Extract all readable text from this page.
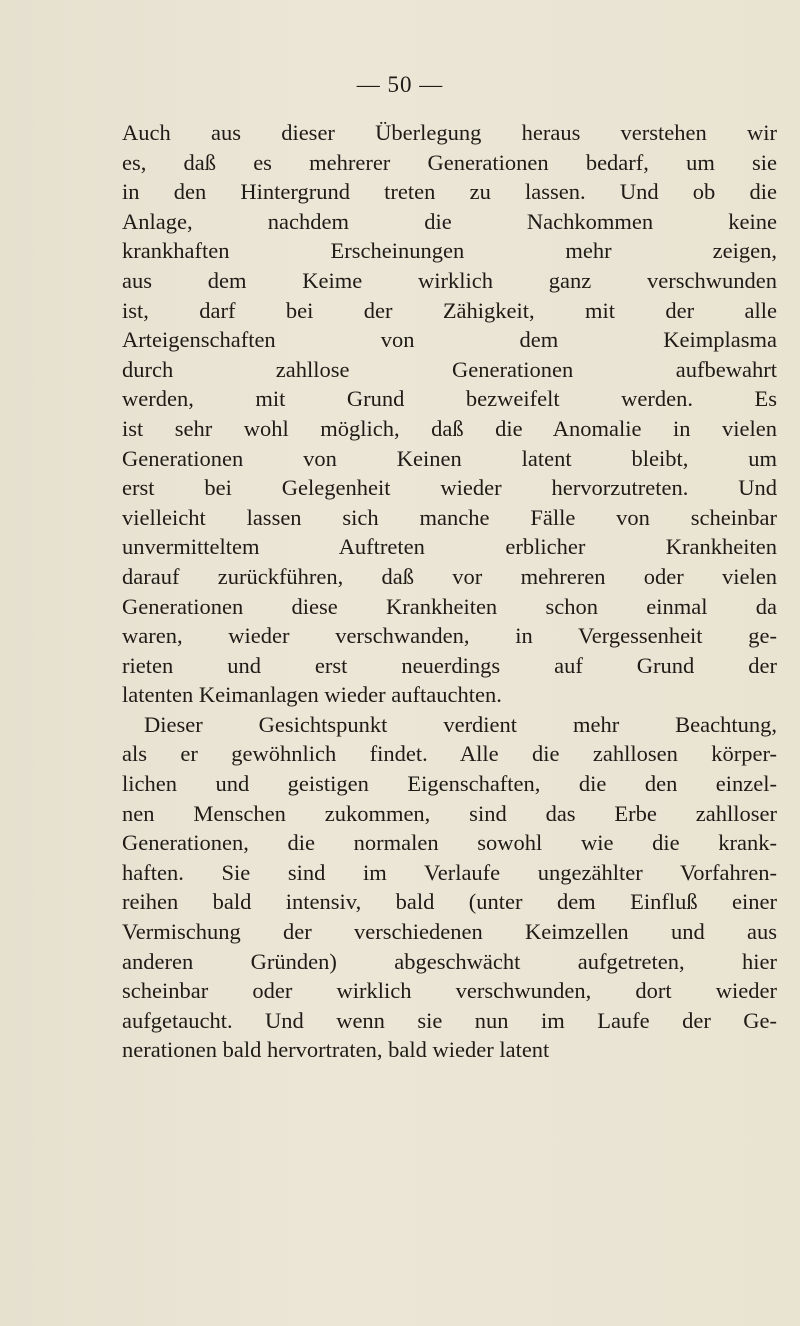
— 50 —
Auch aus dieser Überlegung heraus verstehen wir
es, daß es mehrerer Generationen bedarf, um sie
in den Hintergrund treten zu lassen. Und ob die
Anlage, nachdem die Nachkommen keine
krankhaften Erscheinungen mehr zeigen,
aus dem Keime wirklich ganz verschwunden
ist, darf bei der Zähigkeit, mit der alle
Arteigenschaften von dem Keimplasma
durch zahllose Generationen aufbewahrt
werden, mit Grund bezweifelt werden. Es
ist sehr wohl möglich, daß die Anomalie in vielen
Generationen von Keinen latent bleibt, um
erst bei Gelegenheit wieder hervorzutreten. Und
vielleicht lassen sich manche Fälle von scheinbar
unvermitteltem Auftreten erblicher Krankheiten
darauf zurückführen, daß vor mehreren oder vielen
Generationen diese Krankheiten schon einmal da
waren, wieder verschwanden, in Vergessenheit ge-
rieten und erst neuerdings auf Grund der
latenten Keimanlagen wieder auftauchten.
Dieser Gesichtspunkt verdient mehr Beachtung,
als er gewöhnlich findet. Alle die zahllosen körper-
lichen und geistigen Eigenschaften, die den einzel-
nen Menschen zukommen, sind das Erbe zahlloser
Generationen, die normalen sowohl wie die krank-
haften. Sie sind im Verlaufe ungezählter Vorfahren-
reihen bald intensiv, bald (unter dem Einfluß einer
Vermischung der verschiedenen Keimzellen und aus
anderen Gründen) abgeschwächt aufgetreten, hier
scheinbar oder wirklich verschwunden, dort wieder
aufgetaucht. Und wenn sie nun im Laufe der Ge-
nerationen bald hervortraten, bald wieder latent
